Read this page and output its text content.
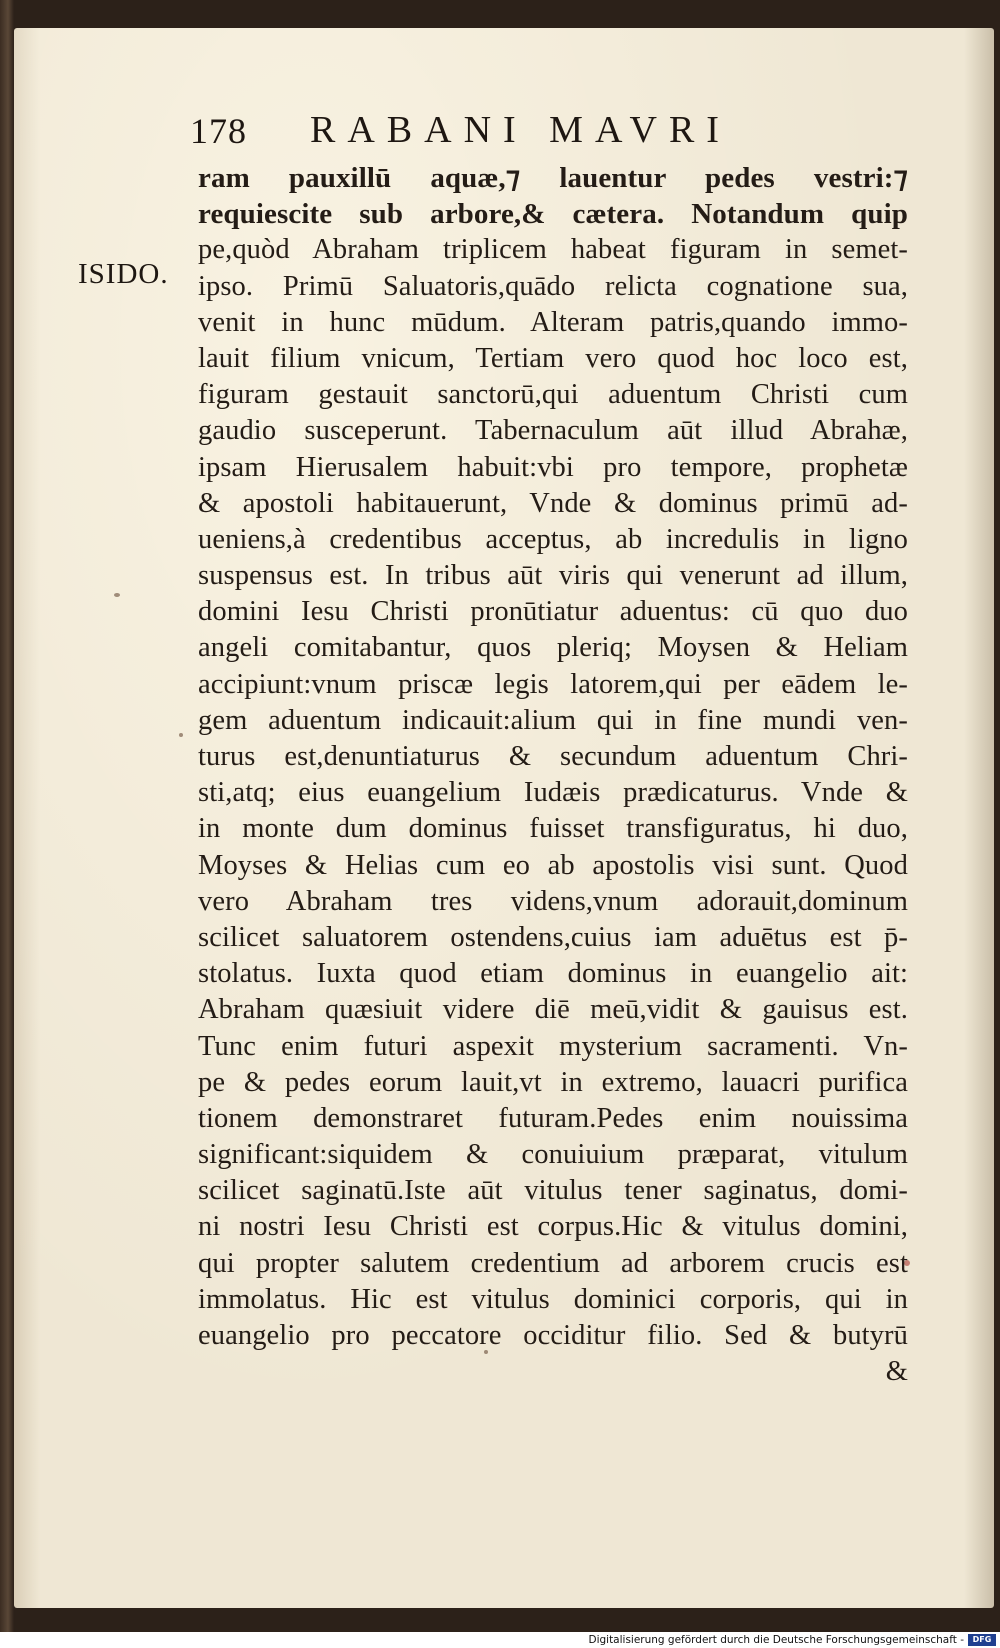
178 RABANI MAVRI
ISIDO.
ram pauxillū aquæ,⁊ lauentur pedes vestri:⁊
requiescite sub arbore,& cætera. Notandum quip
pe,quòd Abraham triplicem habeat figuram in semet-
ipso. Primū Saluatoris,quādo relicta cognatione sua,
venit in hunc mūdum. Alteram patris,quando immo-
lauit filium vnicum, Tertiam vero quod hoc loco est,
figuram gestauit sanctorū,qui aduentum Christi cum
gaudio susceperunt. Tabernaculum aūt illud Abrahæ,
ipsam Hierusalem habuit:vbi pro tempore, prophetæ
& apostoli habitauerunt, Vnde & dominus primū ad-
ueniens,à credentibus acceptus, ab incredulis in ligno
suspensus est. In tribus aūt viris qui venerunt ad illum,
domini Iesu Christi pronūtiatur aduentus: cū quo duo
angeli comitabantur, quos pleriq; Moysen & Heliam
accipiunt:vnum priscæ legis latorem,qui per eādem le-
gem aduentum indicauit:alium qui in fine mundi ven-
turus est,denuntiaturus & secundum aduentum Chri-
sti,atq; eius euangelium Iudæis prædicaturus. Vnde &
in monte dum dominus fuisset transfiguratus, hi duo,
Moyses & Helias cum eo ab apostolis visi sunt. Quod
vero Abraham tres videns,vnum adorauit,dominum
scilicet saluatorem ostendens,cuius iam aduētus est p̄-
stolatus. Iuxta quod etiam dominus in euangelio ait:
Abraham quæsiuit videre diē meū,vidit & gauisus est.
Tunc enim futuri aspexit mysterium sacramenti. Vn-
pe & pedes eorum lauit,vt in extremo, lauacri purifica
tionem demonstraret futuram.Pedes enim nouissima
significant:siquidem & conuiuium præparat, vitulum
scilicet saginatū.Iste aūt vitulus tener saginatus, domi-
ni nostri Iesu Christi est corpus.Hic & vitulus domini,
qui propter salutem credentium ad arborem crucis est
immolatus. Hic est vitulus dominici corporis, qui in
euangelio pro peccatore occiditur filio. Sed & butyrū
&
Digitalisierung gefördert durch die Deutsche Forschungsgemeinschaft -	DFG
